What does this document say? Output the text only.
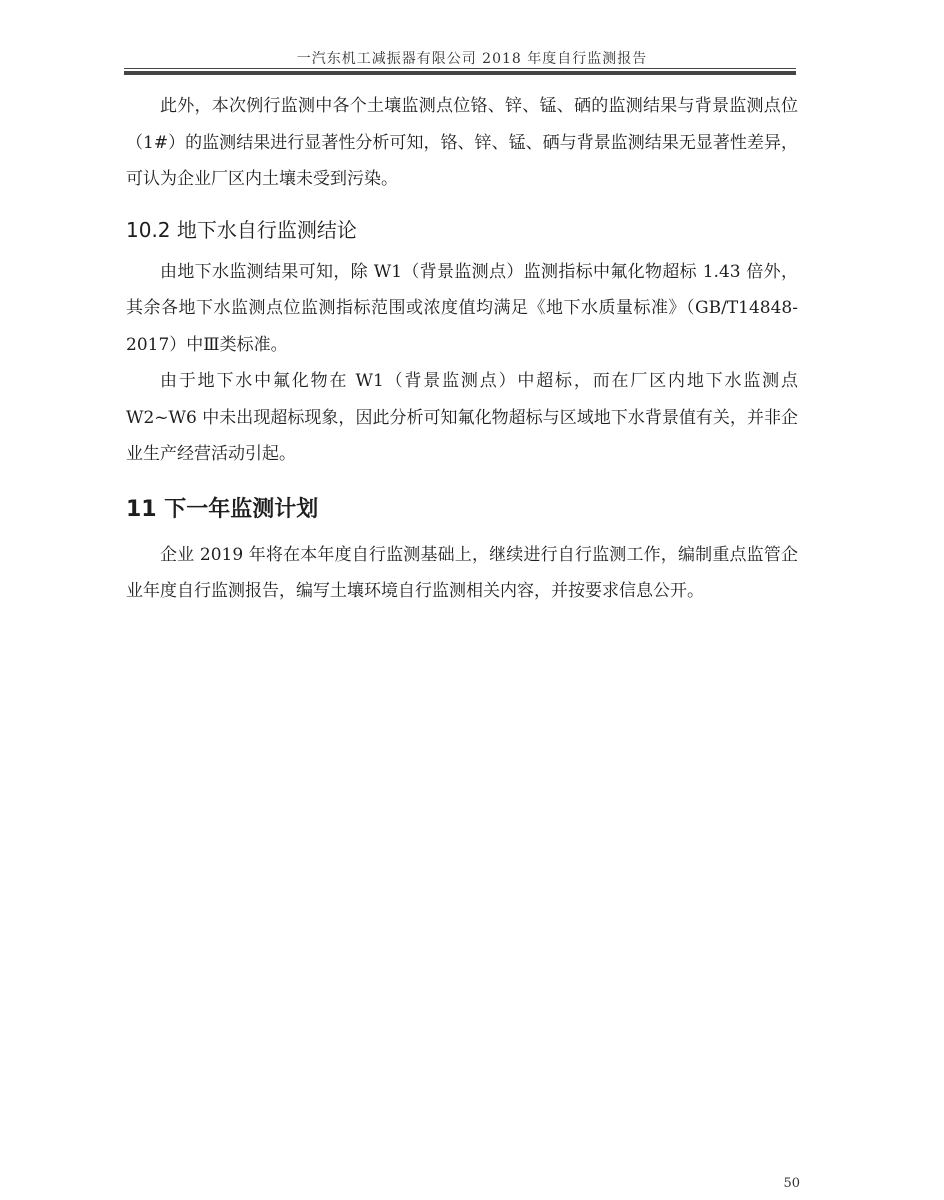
一汽东机工减振器有限公司 2018 年度自行监测报告

此外，本次例行监测中各个土壤监测点位铬、锌、锰、硒的监测结果与背景监测点位（1#）的监测结果进行显著性分析可知，铬、锌、锰、硒与背景监测结果无显著性差异，可认为企业厂区内土壤未受到污染。

10.2 地下水自行监测结论

由地下水监测结果可知，除 W1（背景监测点）监测指标中氟化物超标 1.43 倍外，其余各地下水监测点位监测指标范围或浓度值均满足《地下水质量标准》（GB/T14848-2017）中Ⅲ类标准。

由于地下水中氟化物在 W1（背景监测点）中超标，而在厂区内地下水监测点W2~W6 中未出现超标现象，因此分析可知氟化物超标与区域地下水背景值有关，并非企业生产经营活动引起。

11 下一年监测计划

企业 2019 年将在本年度自行监测基础上，继续进行自行监测工作，编制重点监管企业年度自行监测报告，编写土壤环境自行监测相关内容，并按要求信息公开。

50
